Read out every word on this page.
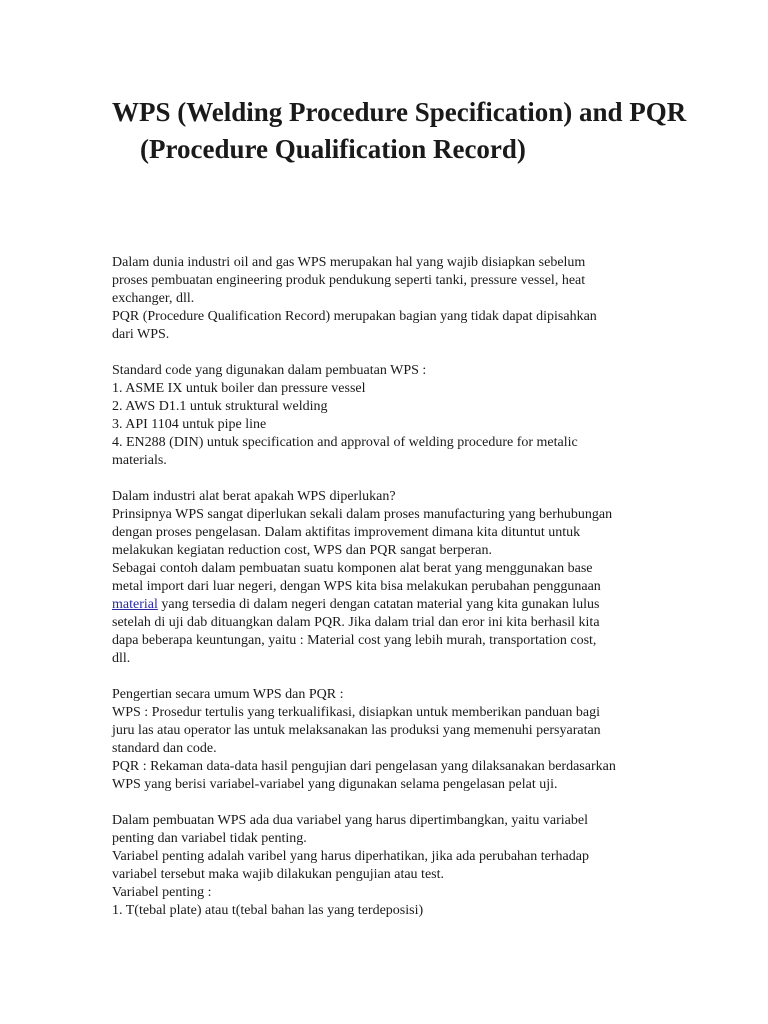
WPS (Welding Procedure Specification) and PQR (Procedure Qualification Record)
Dalam dunia industri oil and gas WPS merupakan hal yang wajib disiapkan sebelum
proses pembuatan engineering produk pendukung seperti tanki, pressure vessel, heat
exchanger, dll.
PQR (Procedure Qualification Record) merupakan bagian yang tidak dapat dipisahkan
dari WPS.
Standard code yang digunakan dalam pembuatan WPS :
1. ASME IX untuk boiler dan pressure vessel
2. AWS D1.1 untuk struktural welding
3. API 1104 untuk pipe line
4. EN288 (DIN) untuk specification and approval of welding procedure for metalic
materials.
Dalam industri alat berat apakah WPS diperlukan?
Prinsipnya WPS sangat diperlukan sekali dalam proses manufacturing yang berhubungan
dengan proses pengelasan. Dalam aktifitas improvement dimana kita dituntut untuk
melakukan kegiatan reduction cost, WPS dan PQR sangat berperan.
Sebagai contoh dalam pembuatan suatu komponen alat berat yang menggunakan base
metal import dari luar negeri, dengan WPS kita bisa melakukan perubahan penggunaan
material yang tersedia di dalam negeri dengan catatan material yang kita gunakan lulus
setelah di uji dab dituangkan dalam PQR. Jika dalam trial dan eror ini kita berhasil kita
dapa beberapa keuntungan, yaitu : Material cost yang lebih murah, transportation cost,
dll.
Pengertian secara umum WPS dan PQR :
WPS : Prosedur tertulis yang terkualifikasi, disiapkan untuk memberikan panduan bagi
juru las atau operator las untuk melaksanakan las produksi yang memenuhi persyaratan
standard dan code.
PQR : Rekaman data-data hasil pengujian dari pengelasan yang dilaksanakan berdasarkan
WPS yang berisi variabel-variabel yang digunakan selama pengelasan pelat uji.
Dalam pembuatan WPS ada dua variabel yang harus dipertimbangkan, yaitu variabel
penting dan variabel tidak penting.
Variabel penting adalah varibel yang harus diperhatikan, jika ada perubahan terhadap
variabel tersebut maka wajib dilakukan pengujian atau test.
Variabel penting :
1. T(tebal plate) atau t(tebal bahan las yang terdeposisi)
